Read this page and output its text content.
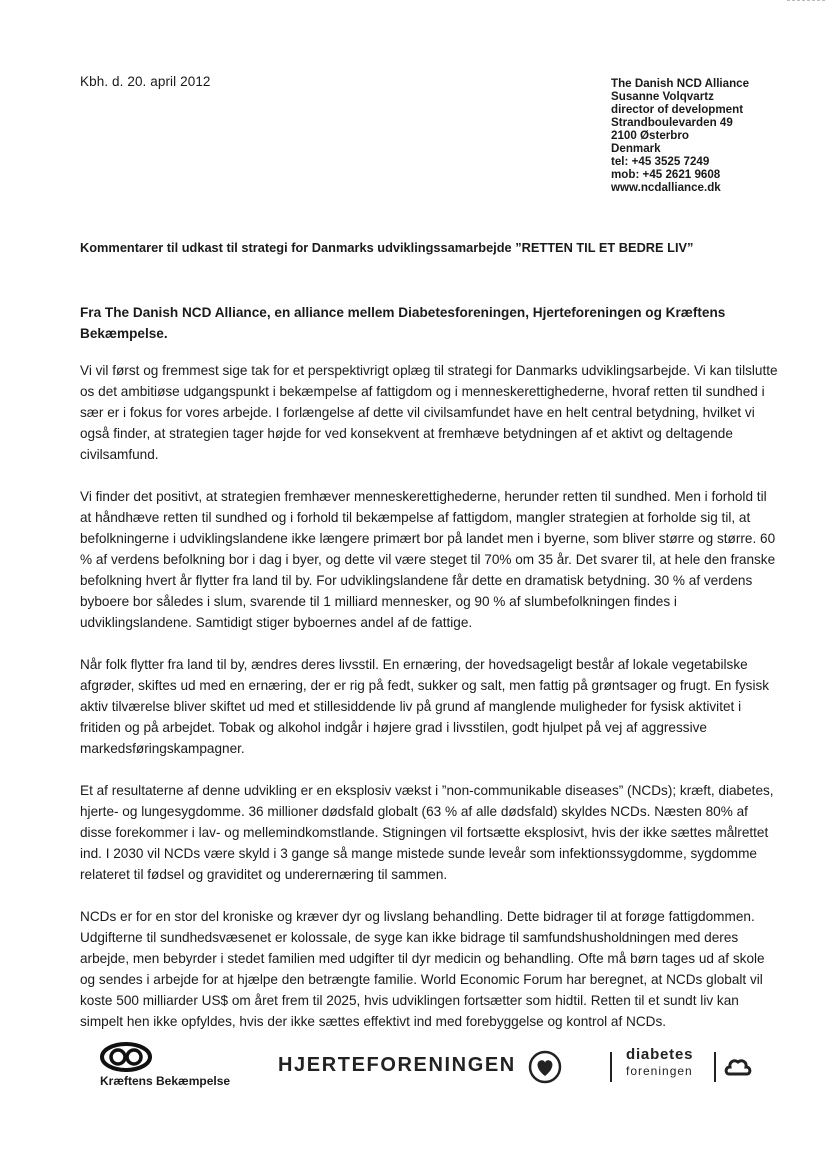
Kbh. d. 20. april 2012	The Danish NCD Alliance
Susanne Volqvartz
director of development
Strandboulevarden 49
2100 Østerbro
Denmark
tel: +45 3525 7249
mob: +45 2621 9608
www.ncdalliance.dk
Kommentarer til udkast til strategi for Danmarks udviklingssamarbejde ”RETTEN TIL ET BEDRE LIV”
Fra The Danish NCD Alliance, en alliance mellem Diabetesforeningen, Hjerteforeningen og Kræftens Bekæmpelse.

Vi vil først og fremmest sige tak for et perspektivrigt oplæg til strategi for Danmarks udviklingsarbejde. Vi kan tilslutte os det ambitiøse udgangspunkt i bekæmpelse af fattigdom og i menneskerettighederne, hvoraf retten til sundhed i sær er i fokus for vores arbejde. I forlængelse af dette vil civilsamfundet have en helt central betydning, hvilket vi også finder, at strategien tager højde for ved konsekvent at fremhæve betydningen af et aktivt og deltagende civilsamfund.

Vi finder det positivt, at strategien fremhæver menneskerettighederne, herunder retten til sundhed. Men i forhold til at håndhæve retten til sundhed og i forhold til bekæmpelse af fattigdom, mangler strategien at forholde sig til, at befolkningerne i udviklingslandene ikke længere primært bor på landet men i byerne, som bliver større og større. 60 % af verdens befolkning bor i dag i byer, og dette vil være steget til 70% om 35 år. Det svarer til, at hele den franske befolkning hvert år flytter fra land til by. For udviklingslandene får dette en dramatisk betydning. 30 % af verdens byboere bor således i slum, svarende til 1 milliard mennesker, og 90 % af slumbefolkningen findes i udviklingslandene. Samtidigt stiger byboernes andel af de fattige.

Når folk flytter fra land til by, ændres deres livsstil. En ernæring, der hovedsageligt består af lokale vegetabilske afgrøder, skiftes ud med en ernæring, der er rig på fedt, sukker og salt, men fattig på grøntsager og frugt. En fysisk aktiv tilværelse bliver skiftet ud med et stillesiddende liv på grund af manglende muligheder for fysisk aktivitet i fritiden og på arbejdet. Tobak og alkohol indgår i højere grad i livsstilen, godt hjulpet på vej af aggressive markedsføringskampagner.

Et af resultaterne af denne udvikling er en eksplosiv vækst i ”non-communikable diseases” (NCDs); kræft, diabetes, hjerte- og lungesygdomme. 36 millioner dødsfald globalt (63 % af alle dødsfald) skyldes NCDs. Næsten 80% af disse forekommer i lav- og mellemindkomstlande. Stigningen vil fortsætte eksplosivt, hvis der ikke sættes målrettet ind. I 2030 vil NCDs være skyld i 3 gange så mange mistede sunde leveår som infektionssygdomme, sygdomme relateret til fødsel og graviditet og underernæring til sammen.

NCDs er for en stor del kroniske og kræver dyr og livslang behandling. Dette bidrager til at forøge fattigdommen. Udgifterne til sundhedsvæsenet er kolossale, de syge kan ikke bidrage til samfundshusholdningen med deres arbejde, men bebyrder i stedet familien med udgifter til dyr medicin og behandling. Ofte må børn tages ud af skole og sendes i arbejde for at hjælpe den betrængte familie. World Economic Forum har beregnet, at NCDs globalt vil koste 500 milliarder US$ om året frem til 2025, hvis udviklingen fortsætter som hidtil. Retten til et sundt liv kan simpelt hen ikke opfyldes, hvis der ikke sættes effektivt ind med forebyggelse og kontrol af NCDs.

Kræftens Bekæmpelse
HJERTEFORENINGEN	diabetes
foreningen
